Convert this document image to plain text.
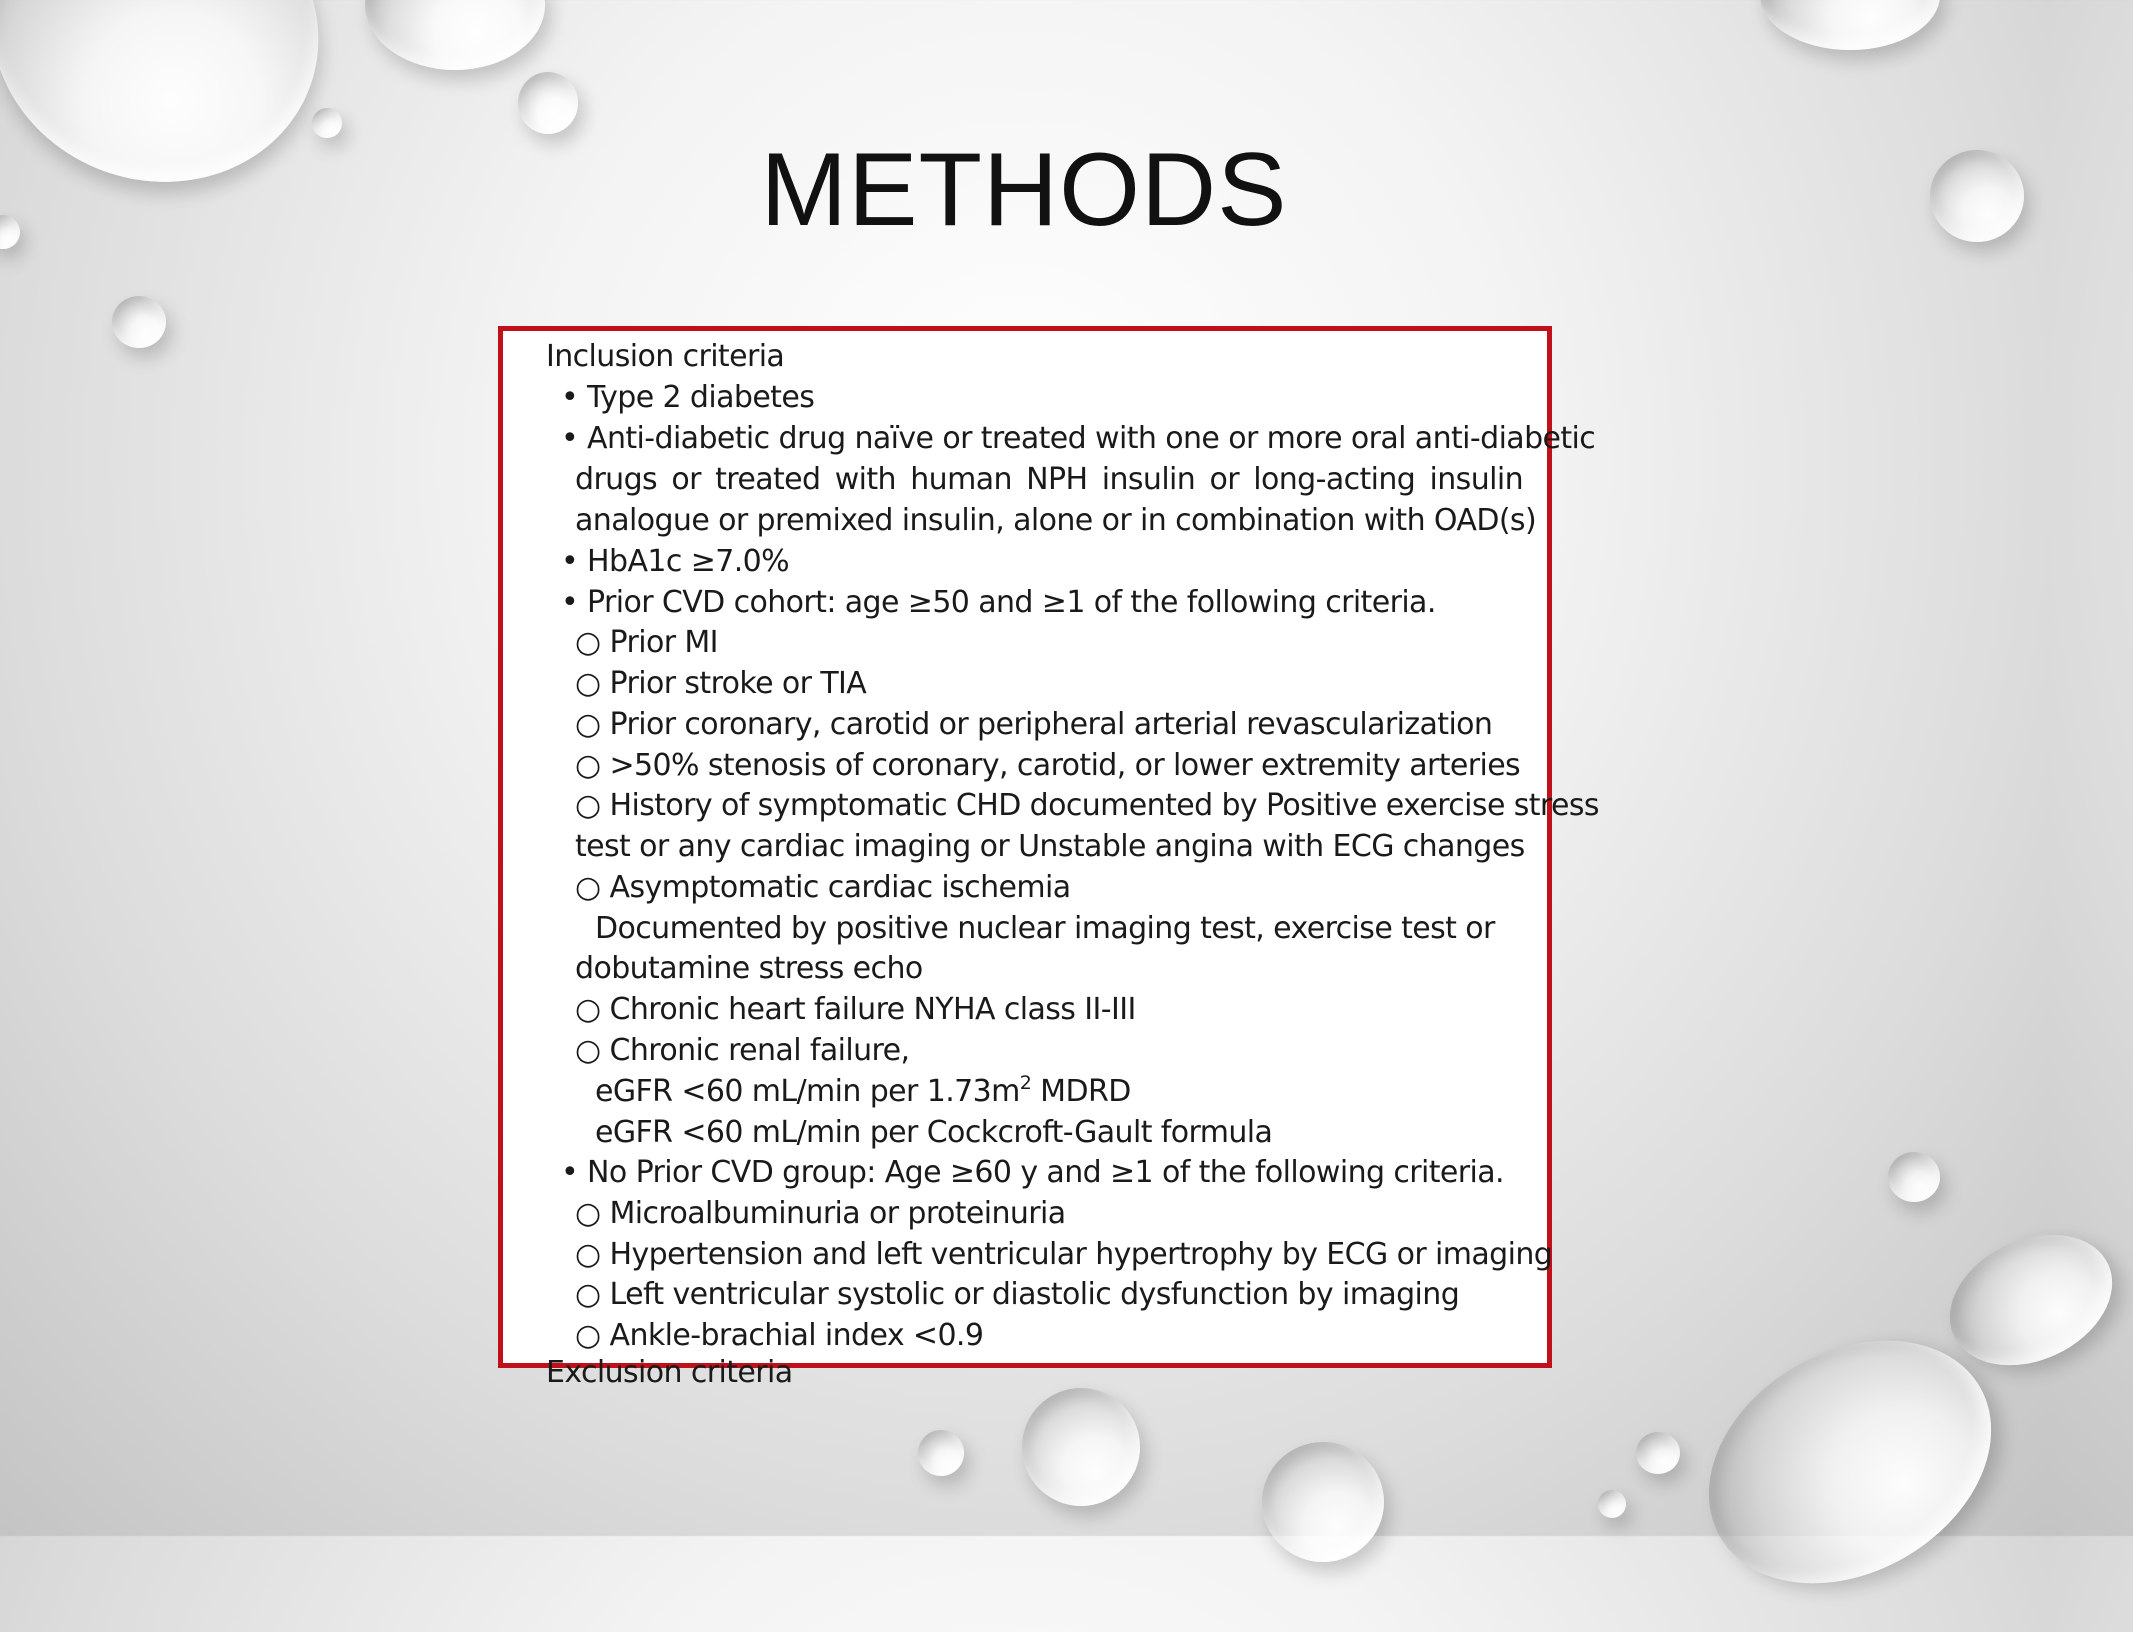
METHODS
Inclusion criteria
• Type 2 diabetes
• Anti-diabetic drug naïve or treated with one or more oral anti-diabetic
drugs or treated with human NPH insulin or long-acting insulin
analogue or premixed insulin, alone or in combination with OAD(s)
• HbA1c ≥7.0%
• Prior CVD cohort: age ≥50 and ≥1 of the following criteria.
○ Prior MI
○ Prior stroke or TIA
○ Prior coronary, carotid or peripheral arterial revascularization
○ >50% stenosis of coronary, carotid, or lower extremity arteries
○ History of symptomatic CHD documented by Positive exercise stress
test or any cardiac imaging or Unstable angina with ECG changes
○ Asymptomatic cardiac ischemia
Documented by positive nuclear imaging test, exercise test or
dobutamine stress echo
○ Chronic heart failure NYHA class II-III
○ Chronic renal failure,
eGFR <60 mL/min per $1.73m^2$ MDRD
eGFR <60 mL/min per Cockcroft-Gault formula
• No Prior CVD group: Age ≥60 y and ≥1 of the following criteria.
○ Microalbuminuria or proteinuria
○ Hypertension and left ventricular hypertrophy by ECG or imaging
○ Left ventricular systolic or diastolic dysfunction by imaging
○ Ankle-brachial index <0.9
Exclusion criteria
